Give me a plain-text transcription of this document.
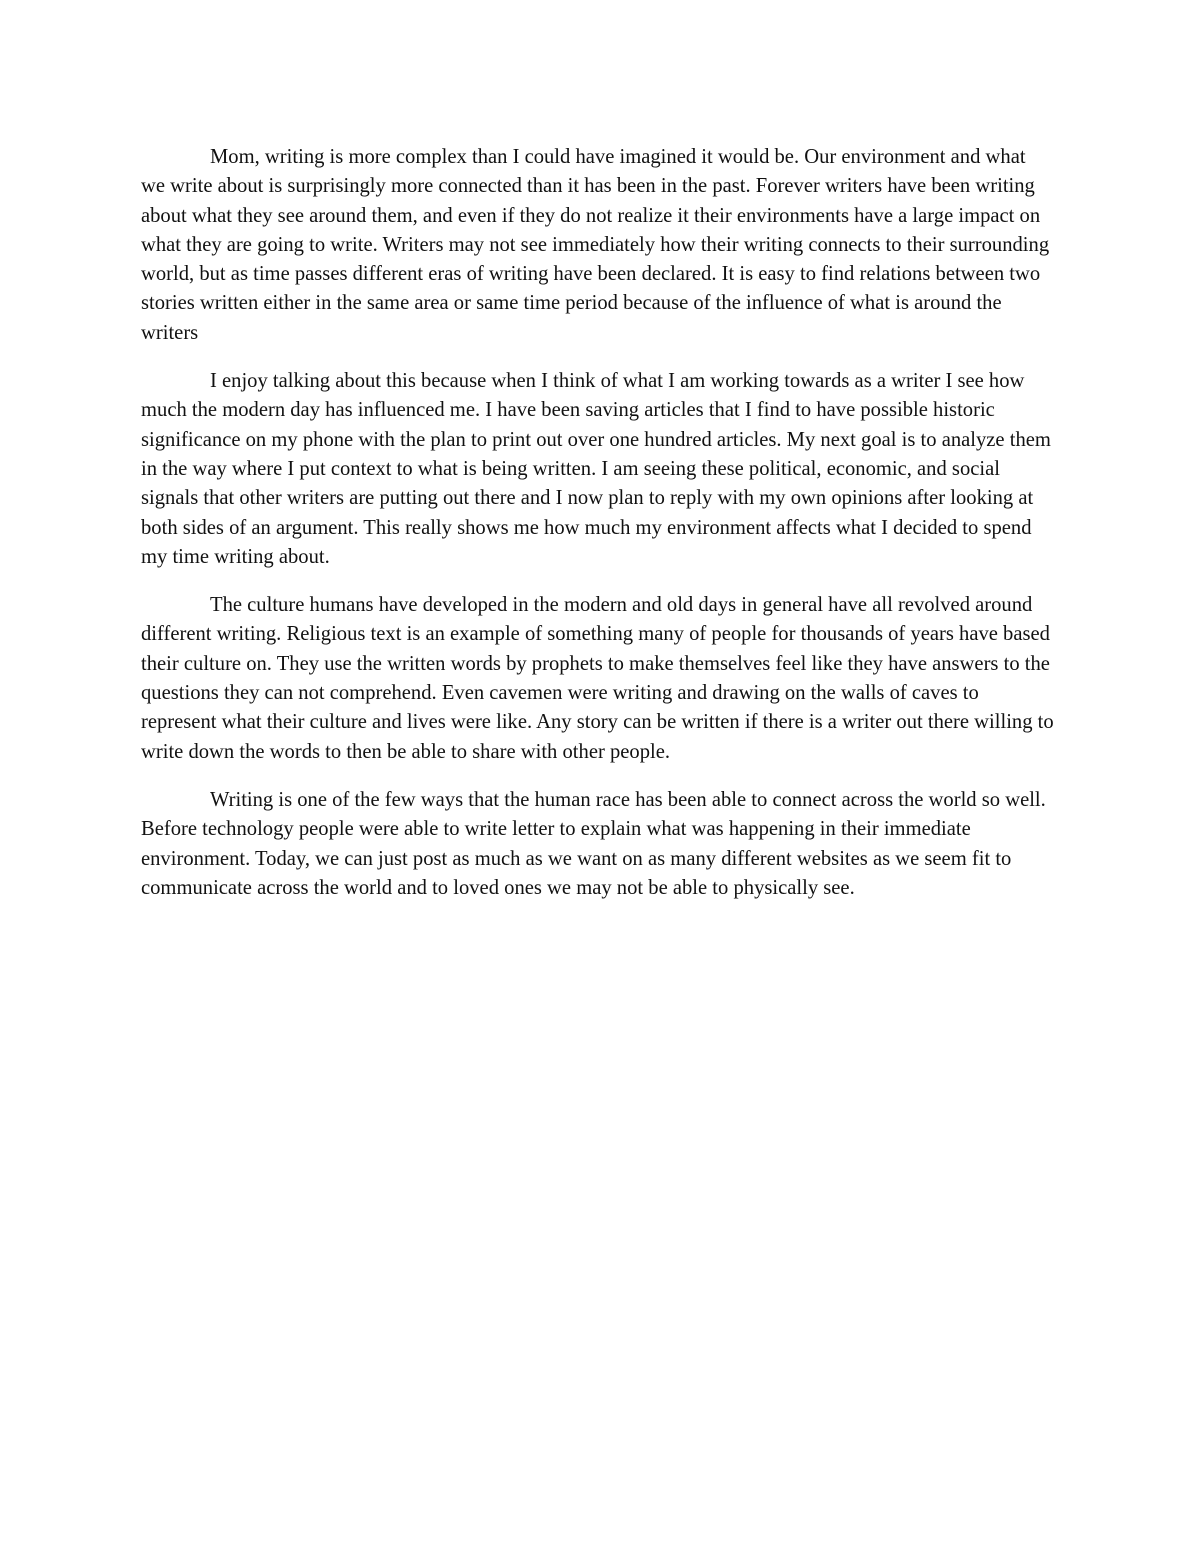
Mom, writing is more complex than I could have imagined it would be. Our environment and what we write about is surprisingly more connected than it has been in the past. Forever writers have been writing about what they see around them, and even if they do not realize it their environments have a large impact on what they are going to write. Writers may not see immediately how their writing connects to their surrounding world, but as time passes different eras of writing have been declared. It is easy to find relations between two stories written either in the same area or same time period because of the influence of what is around the writers

I enjoy talking about this because when I think of what I am working towards as a writer I see how much the modern day has influenced me. I have been saving articles that I find to have possible historic significance on my phone with the plan to print out over one hundred articles. My next goal is to analyze them in the way where I put context to what is being written. I am seeing these political, economic, and social signals that other writers are putting out there and I now plan to reply with my own opinions after looking at both sides of an argument. This really shows me how much my environment affects what I decided to spend my time writing about.

The culture humans have developed in the modern and old days in general have all revolved around different writing. Religious text is an example of something many of people for thousands of years have based their culture on. They use the written words by prophets to make themselves feel like they have answers to the questions they can not comprehend. Even cavemen were writing and drawing on the walls of caves to represent what their culture and lives were like. Any story can be written if there is a writer out there willing to write down the words to then be able to share with other people.

Writing is one of the few ways that the human race has been able to connect across the world so well. Before technology people were able to write letter to explain what was happening in their immediate environment. Today, we can just post as much as we want on as many different websites as we seem fit to communicate across the world and to loved ones we may not be able to physically see.
